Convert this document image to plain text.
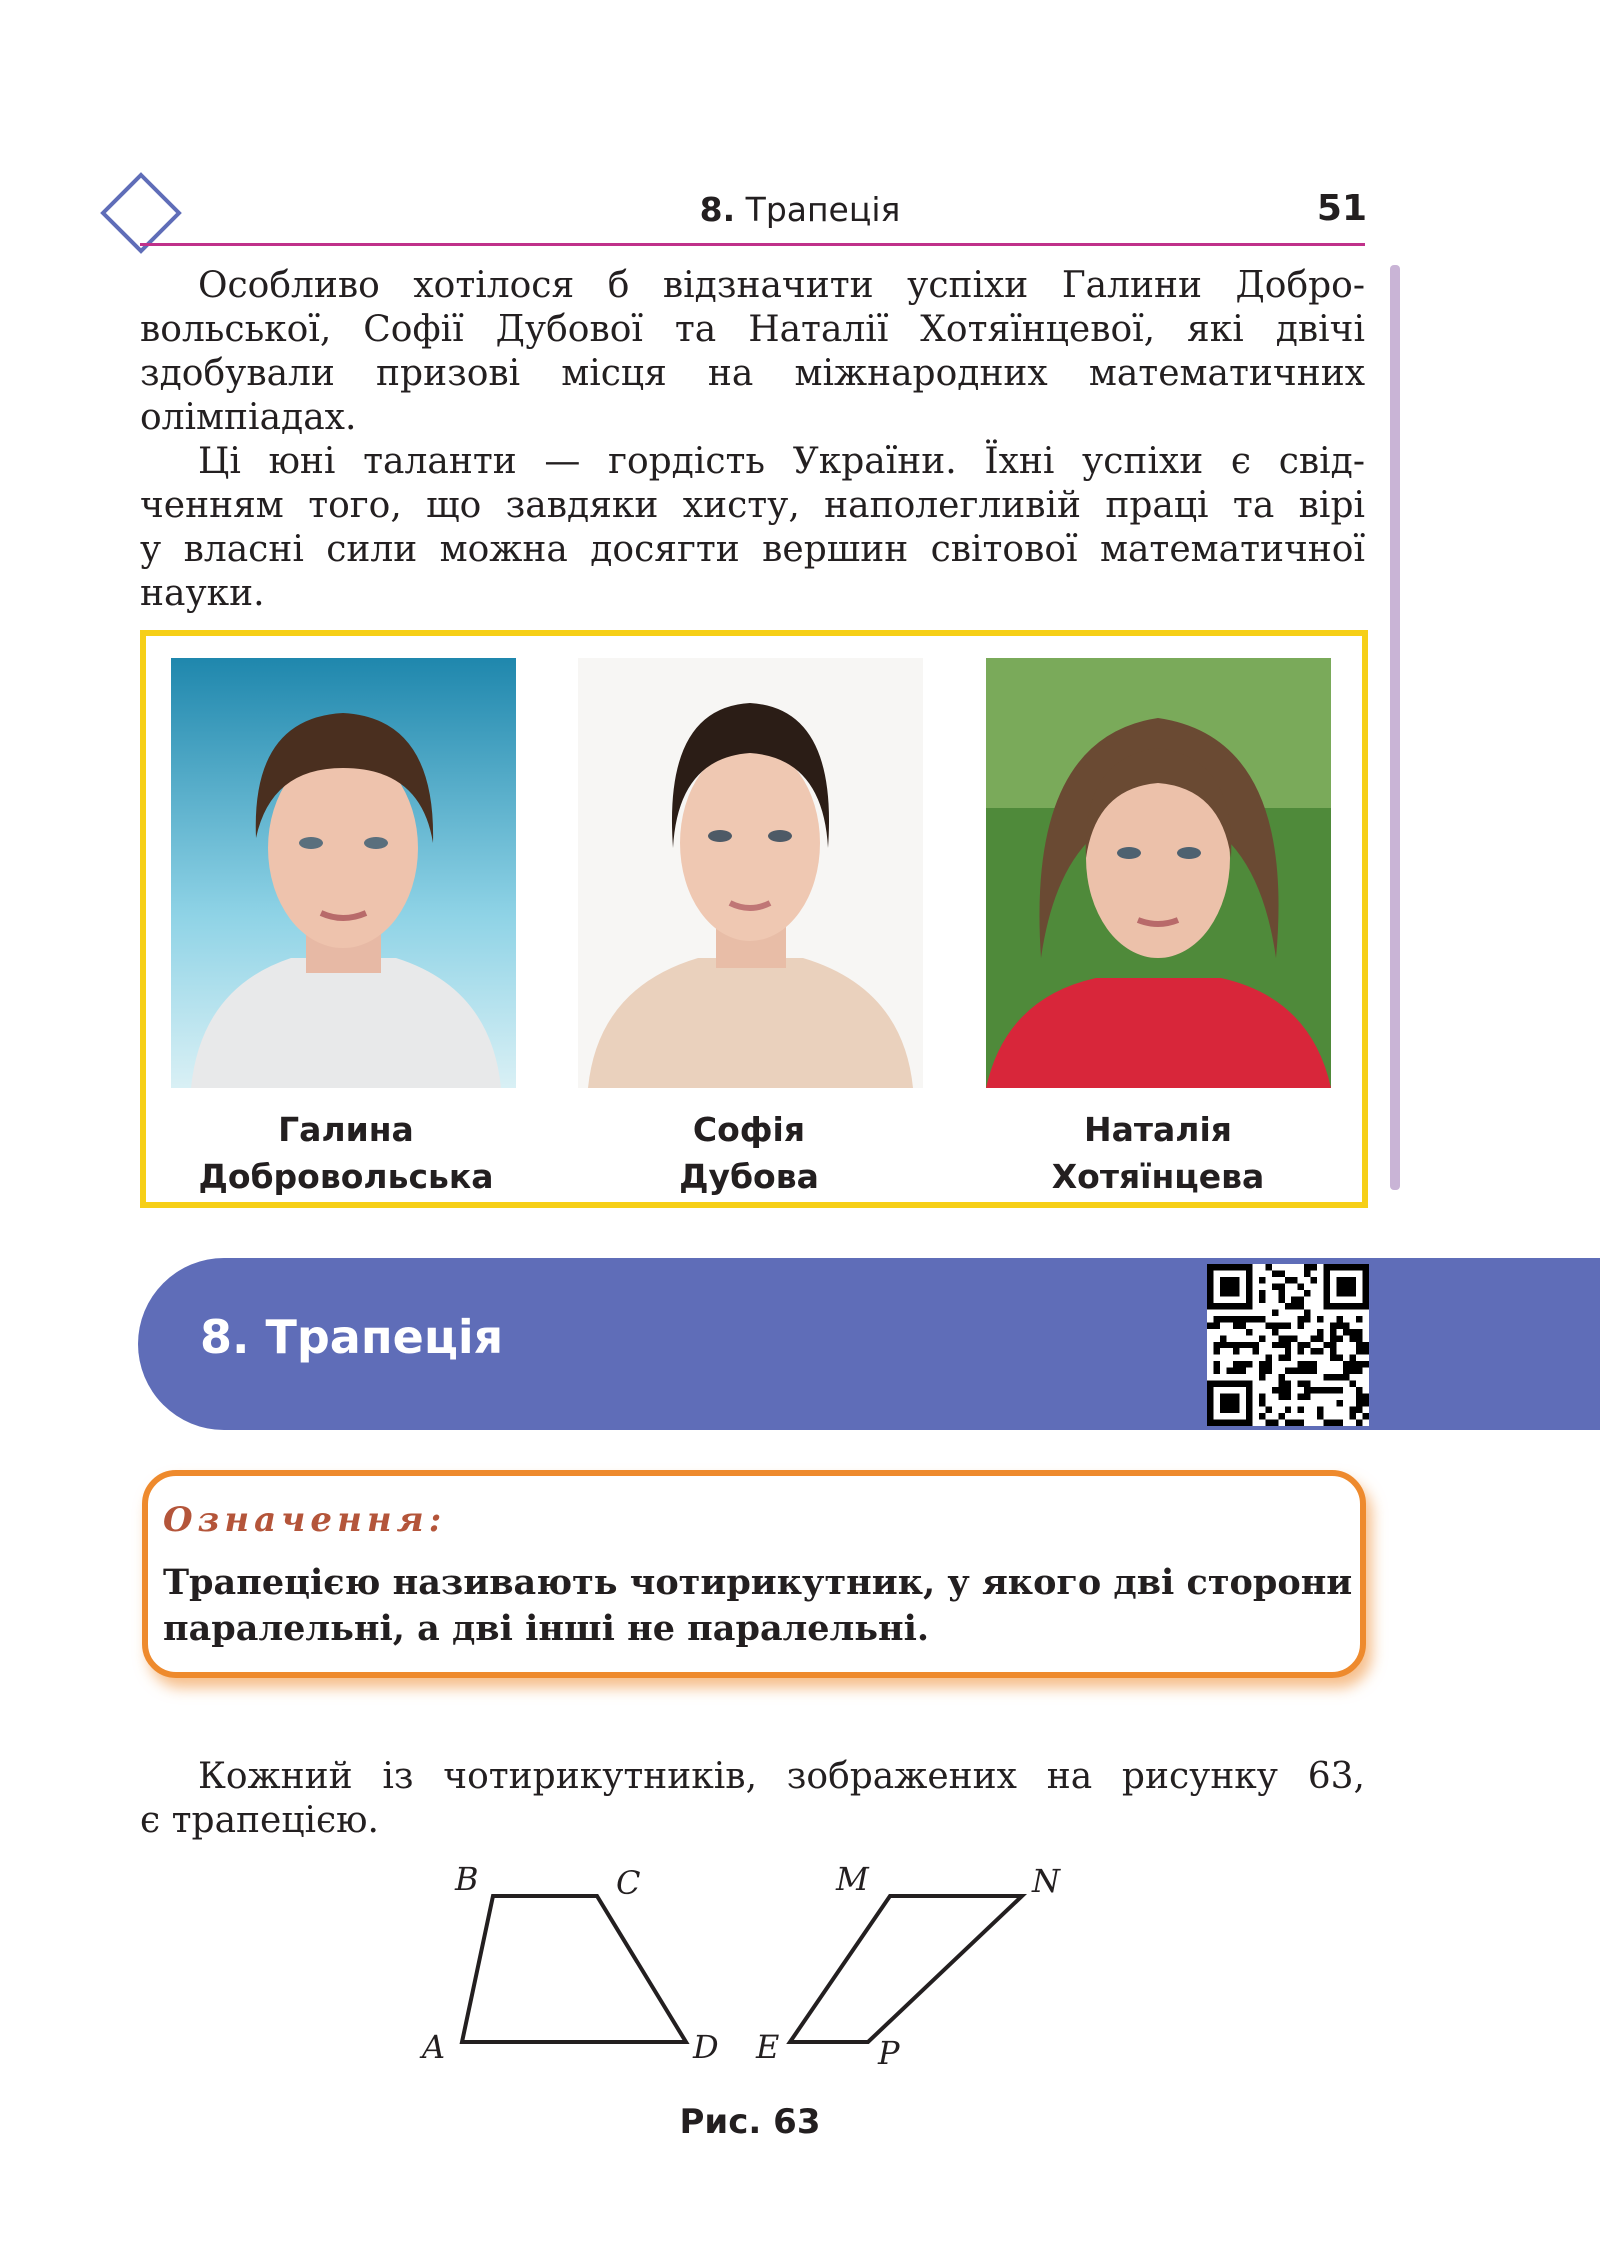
8. Трапеція	51
Особливо хотілося б відзначити успіхи Галини Добро-
вольської, Софії Дубової та Наталії Хотяїнцевої, які двічі
здобували призові місця на міжнародних математичних
олімпіадах.
Ці юні таланти — гордість України. Їхні успіхи є свід-
ченням того, що завдяки хисту, наполегливій праці та вірі
у власні сили можна досягти вершин світової математичної
науки.
Галина
Добровольська
Софія
Дубова
Наталія
Хотяїнцева
8. Трапеція
Означення:
Трапецією називають чотирикутник, у якого дві сторони
паралельні, а дві інші не паралельні.
Кожний із чотирикутників, зображених на рисунку 63,
є трапецією.
A
B	C
D E
M	N
P
Рис. 63
